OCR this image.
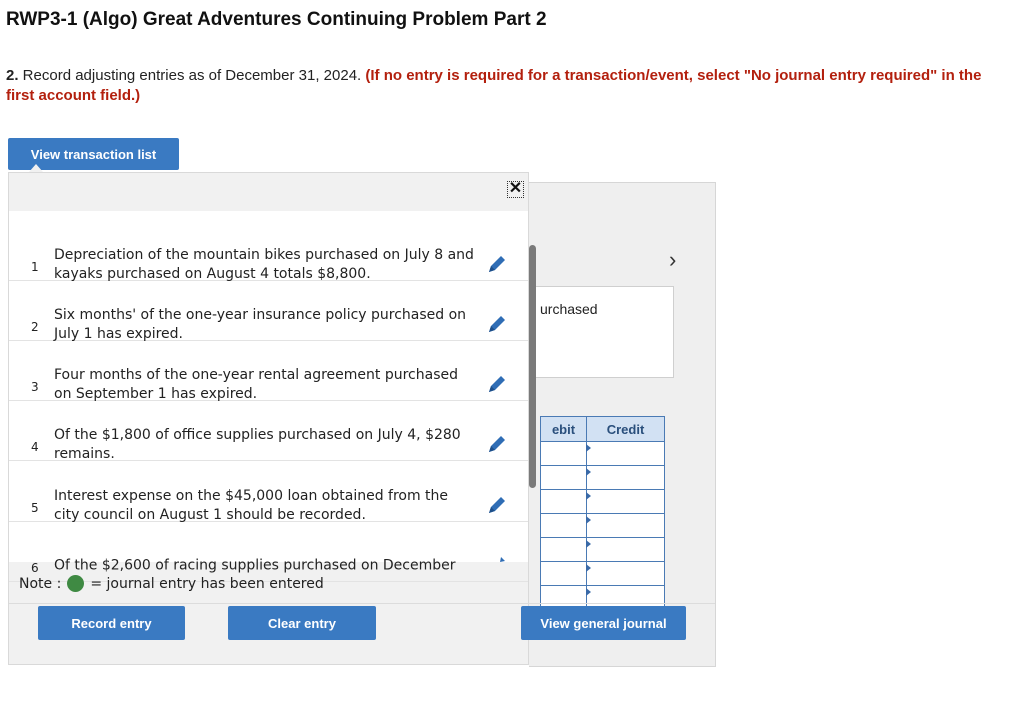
RWP3-1 (Algo) Great Adventures Continuing Problem Part 2
2. Record adjusting entries as of December 31, 2024. (If no entry is required for a transaction/event, select "No journal entry required" in the first account field.)
View transaction list
›
urchased
ebit	Credit
✕
1
Depreciation of the mountain bikes purchased on July 8 and kayaks purchased on August 4 totals $8,800.
2
Six months' of the one-year insurance policy purchased on July 1 has expired.
3
Four months of the one-year rental agreement purchased on September 1 has expired.
4
Of the $1,800 of office supplies purchased on July 4, $280 remains.
5
Interest expense on the $45,000 loan obtained from the city council on August 1 should be recorded.
6 Of the $2,600 of racing supplies purchased on December
Note : = journal entry has been entered
Record entry	Clear entry	View general journal
